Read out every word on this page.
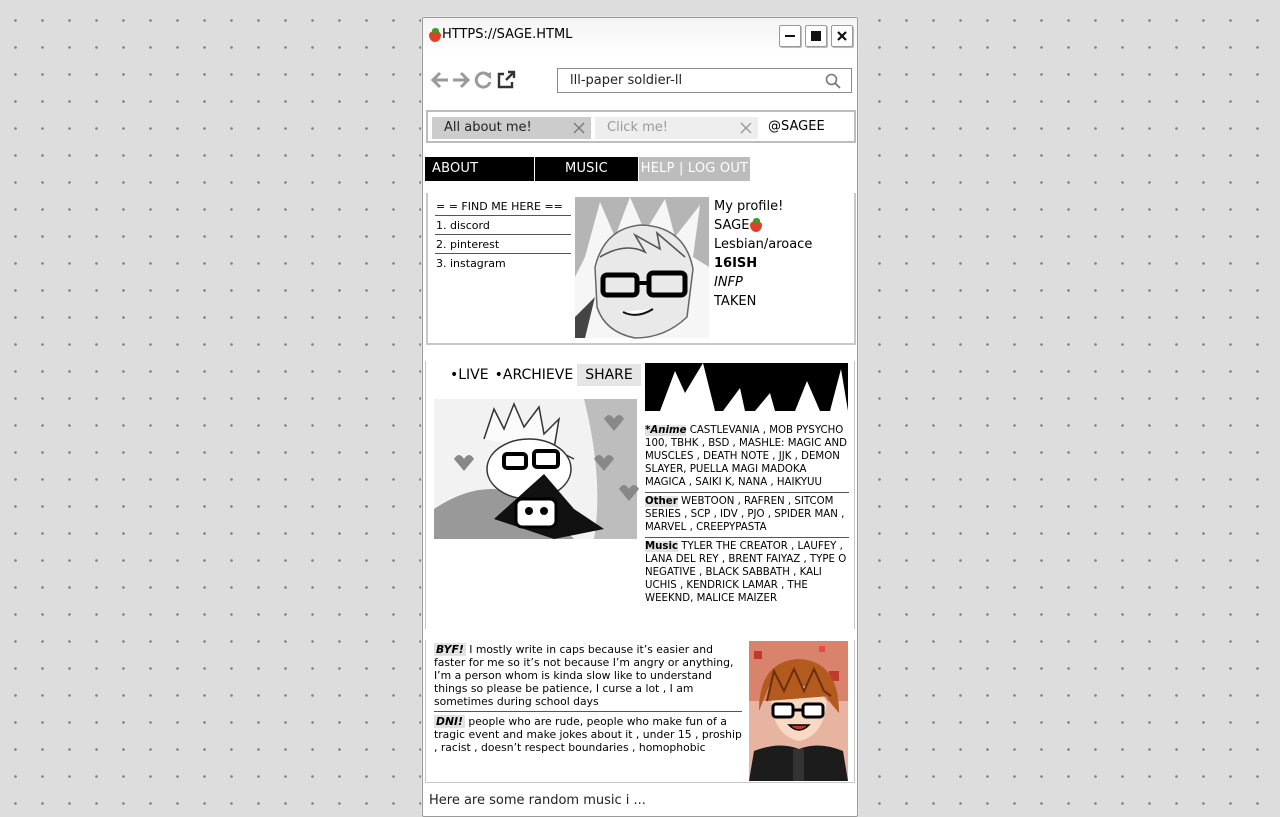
HTTPS://SAGE.HTML
lll-paper soldier-ll
All about me!	Click me!	@SAGEE
ABOUT	MUSIC	HELP | LOG OUT
= = FIND ME HERE ==
1. discord
2. pinterest
3. instagram
My profile!
SAGE
Lesbian/aroace
16ISH
INFP
TAKEN
•LIVE •ARCHIEVE SHARE
*Anime CASTLEVANIA , MOB PYSYCHO 100, TBHK , BSD , MASHLE: MAGIC AND MUSCLES , DEATH NOTE , JJK , DEMON SLAYER, PUELLA MAGI MADOKA MAGICA , SAIKI K, NANA , HAIKYUU
Other WEBTOON , RAFREN , SITCOM SERIES , SCP , IDV , PJO , SPIDER MAN , MARVEL , CREEPYPASTA
Music TYLER THE CREATOR , LAUFEY , LANA DEL REY , BRENT FAIYAZ , TYPE O NEGATIVE , BLACK SABBATH , KALI UCHIS , KENDRICK LAMAR , THE WEEKND, MALICE MAIZER
BYF! I mostly write in caps because it’s easier and faster for me so it’s not because I’m angry or anything, I’m a person whom is kinda slow like to understand things so please be patience, I curse a lot , I am sometimes during school days
DNI! people who are rude, people who make fun of a tragic event and make jokes about it , under 15 , proship , racist , doesn’t respect boundaries , homophobic
Here are some random music i ...
